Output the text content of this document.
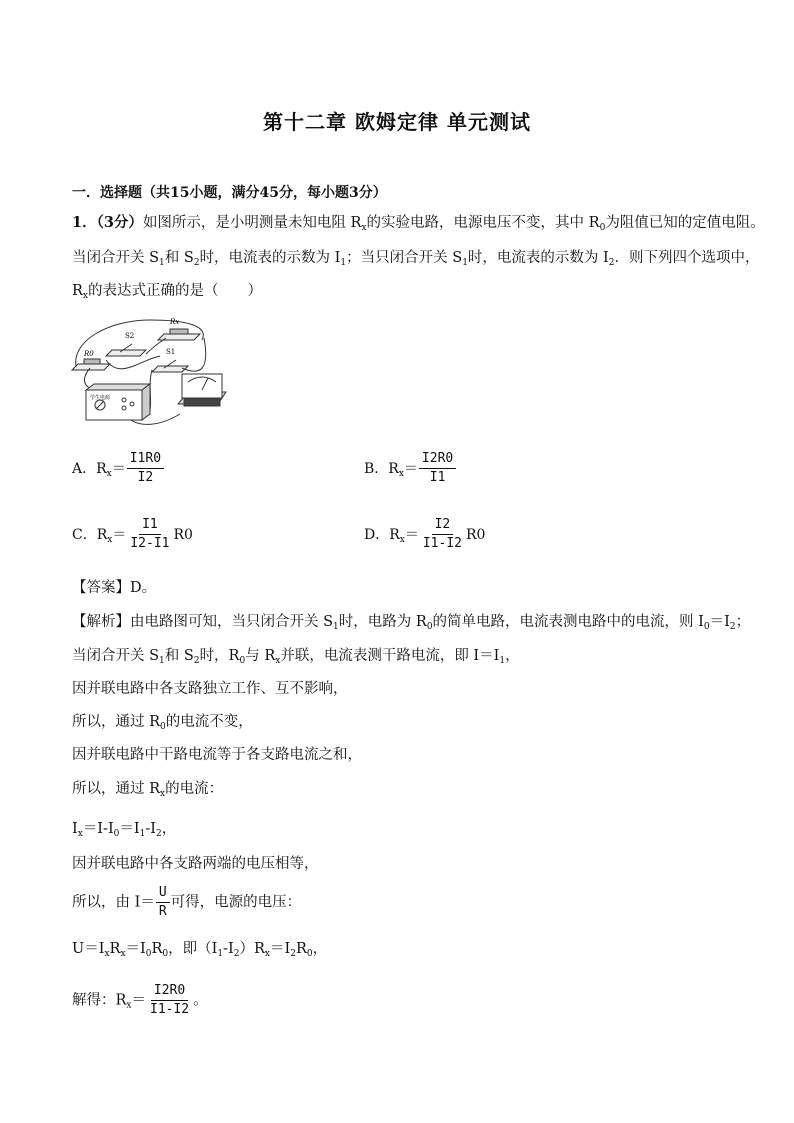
第十二章 欧姆定律 单元测试
一．选择题（共15小题，满分45分，每小题3分）
1．（3分）如图所示，是小明测量未知电阻 $R_x$的实验电路，电源电压不变，其中 $R_0$为阻值已知的定值电阻。
当闭合开关 $S_1$和 $S_2$时，电流表的示数为 $I_1$；当只闭合开关 $S_1$时，电流表的示数为 $I_2$．则下列四个选项中，
$R_x$的表达式正确的是（　　）
S2
Rx
R0	S1
学生电源
A．$R_x= \frac{I1R0}{I2}$	B．$R_x= \frac{I2R0}{I1}$
C．$R_x= \frac{I1}{I2-I1} R0$	D．$R_x= \frac{I2}{I1-I2} R0$
【答案】D。
【解析】由电路图可知，当只闭合开关 $S_1$时，电路为 $R_0$的简单电路，电流表测电路中的电流，则 $I_0=I_2$；
当闭合开关 $S_1$和 $S_2$时，$R_0$与 $R_x$并联，电流表测干路电流，即 $I=I_1$，
因并联电路中各支路独立工作、互不影响，
所以，通过 $R_0$的电流不变，
因并联电路中干路电流等于各支路电流之和，
所以，通过 $R_x$的电流：
$I_x=I-I_0=I_1-I_2$，
因并联电路中各支路两端的电压相等，
所以，由 $I= \frac{U}{R}$ 可得，电源的电压：
$U=I_xR_x=I_0R_0$，即$(I_1-I_2)R_x=I_2R_0$，
解得：$R_x= \frac{I2R0}{I1-I2}$ 。
